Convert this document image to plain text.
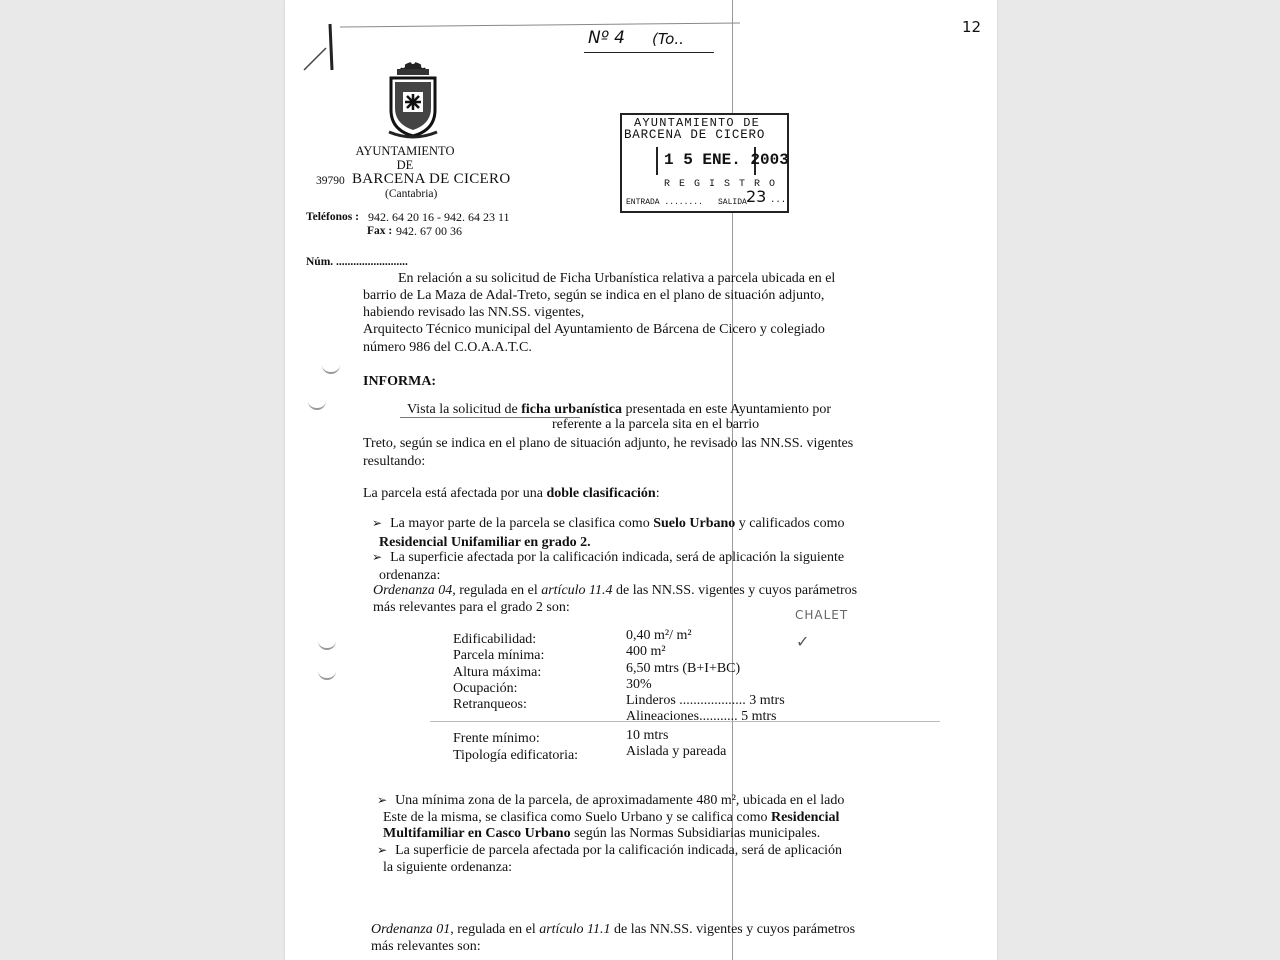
Nº 4 (To..
12
AYUNTAMIENTO
DE
39790 BARCENA DE CICERO
(Cantabria)
Teléfonos : 942. 64 20 16 - 942. 64 23 11
Fax : 942. 67 00 36
Núm. .........................
AYUNTAMIENTO DE
BARCENA DE CICERO
1 5 ENE. 2003
R E G I S T R O
ENTRADA ........ SALIDA 23 ...
En relación a su solicitud de Ficha Urbanística relativa a parcela ubicada en el
barrio de La Maza de Adal-Treto, según se indica en el plano de situación adjunto,
habiendo revisado las NN.SS. vigentes,
Arquitecto Técnico municipal del Ayuntamiento de Bárcena de Cicero y colegiado
número 986 del C.O.A.A.T.C.
INFORMA:
Vista la solicitud de ficha urbanística presentada en este Ayuntamiento por
referente a la parcela sita en el barrio
Treto, según se indica en el plano de situación adjunto, he revisado las NN.SS. vigentes
resultando:
La parcela está afectada por una doble clasificación:
➢ La mayor parte de la parcela se clasifica como Suelo Urbano y calificados como
Residencial Unifamiliar en grado 2.
➢ La superficie afectada por la calificación indicada, será de aplicación la siguiente
ordenanza:
Ordenanza 04, regulada en el artículo 11.4 de las NN.SS. vigentes y cuyos parámetros
más relevantes para el grado 2 son:
Edificabilidad:
Parcela mínima:
Altura máxima:
Ocupación:
Retranqueos:
Frente mínimo:
Tipología edificatoria:
0,40 m²/ m²
400 m²
6,50 mtrs (B+I+BC)
30%
Linderos ................... 3 mtrs
Alineaciones........... 5 mtrs
10 mtrs
Aislada y pareada
CHALET
✓
➢ Una mínima zona de la parcela, de aproximadamente 480 m², ubicada en el lado
Este de la misma, se clasifica como Suelo Urbano y se califica como Residencial
Multifamiliar en Casco Urbano según las Normas Subsidiarias municipales.
➢ La superficie de parcela afectada por la calificación indicada, será de aplicación
la siguiente ordenanza:
Ordenanza 01, regulada en el artículo 11.1 de las NN.SS. vigentes y cuyos parámetros
más relevantes son:
